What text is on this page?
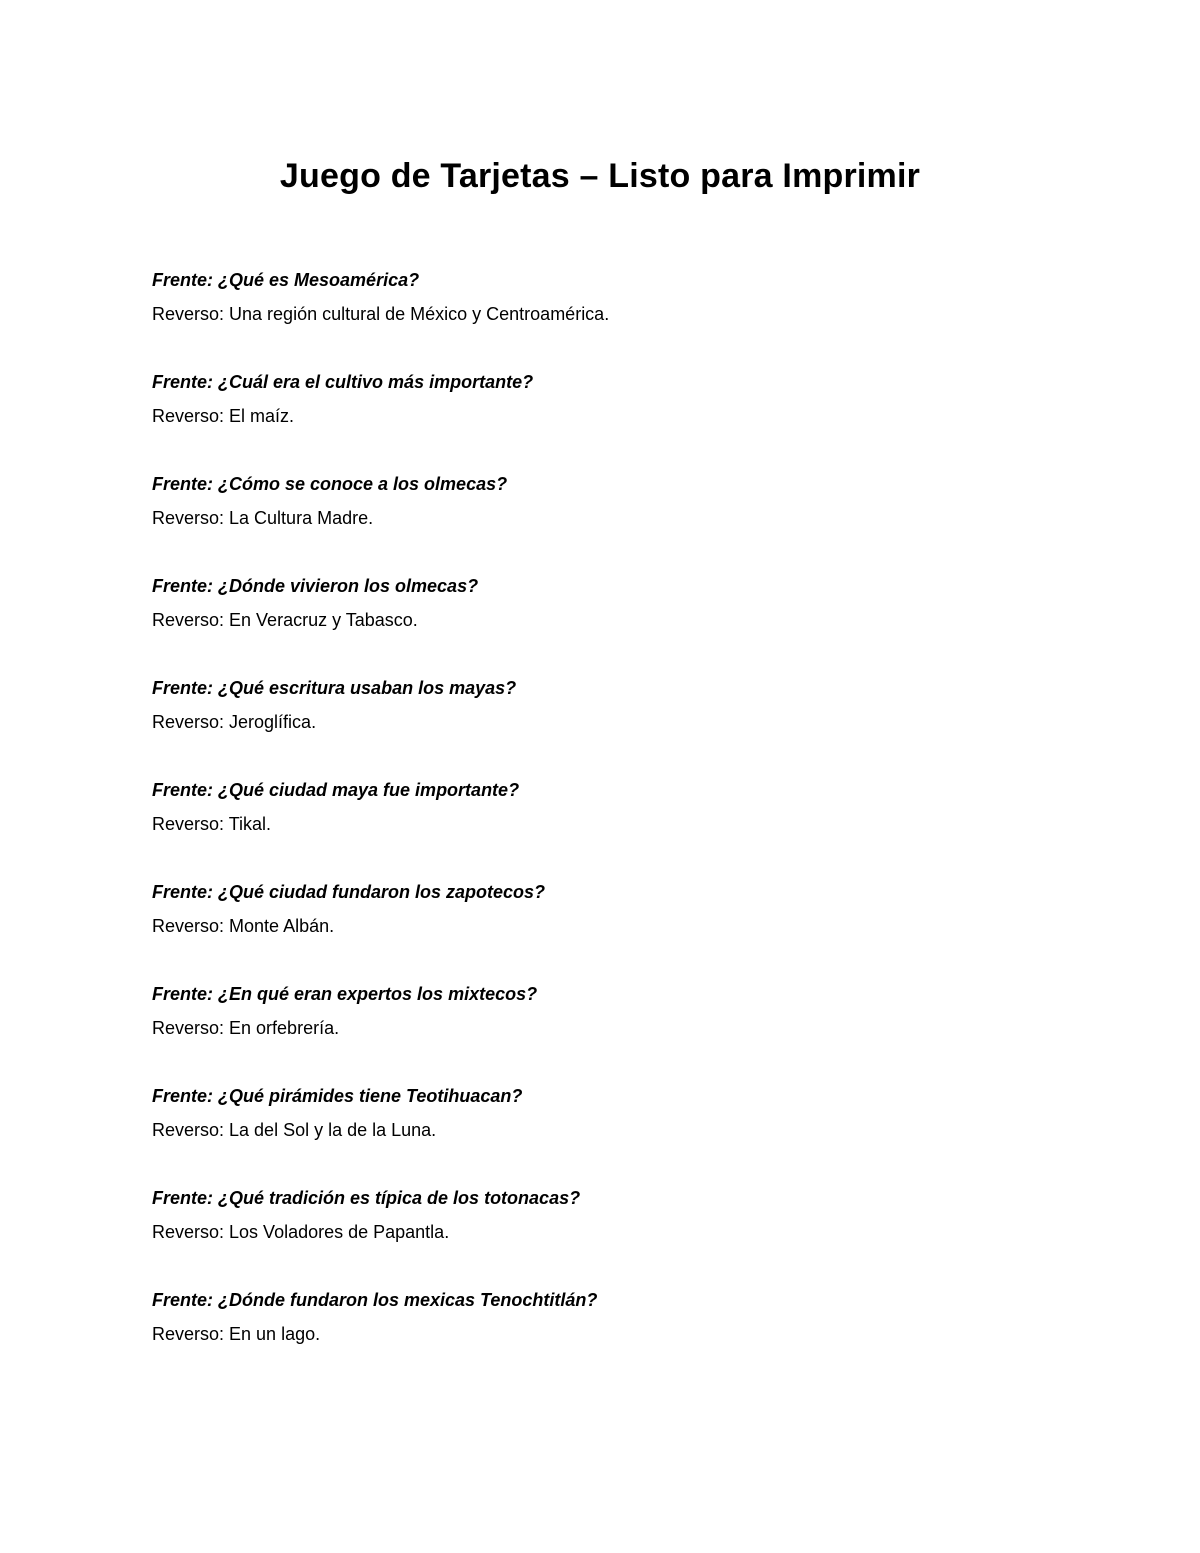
Juego de Tarjetas – Listo para Imprimir
Frente: ¿Qué es Mesoamérica?
Reverso: Una región cultural de México y Centroamérica.
Frente: ¿Cuál era el cultivo más importante?
Reverso: El maíz.
Frente: ¿Cómo se conoce a los olmecas?
Reverso: La Cultura Madre.
Frente: ¿Dónde vivieron los olmecas?
Reverso: En Veracruz y Tabasco.
Frente: ¿Qué escritura usaban los mayas?
Reverso: Jeroglífica.
Frente: ¿Qué ciudad maya fue importante?
Reverso: Tikal.
Frente: ¿Qué ciudad fundaron los zapotecos?
Reverso: Monte Albán.
Frente: ¿En qué eran expertos los mixtecos?
Reverso: En orfebrería.
Frente: ¿Qué pirámides tiene Teotihuacan?
Reverso: La del Sol y la de la Luna.
Frente: ¿Qué tradición es típica de los totonacas?
Reverso: Los Voladores de Papantla.
Frente: ¿Dónde fundaron los mexicas Tenochtitlán?
Reverso: En un lago.
